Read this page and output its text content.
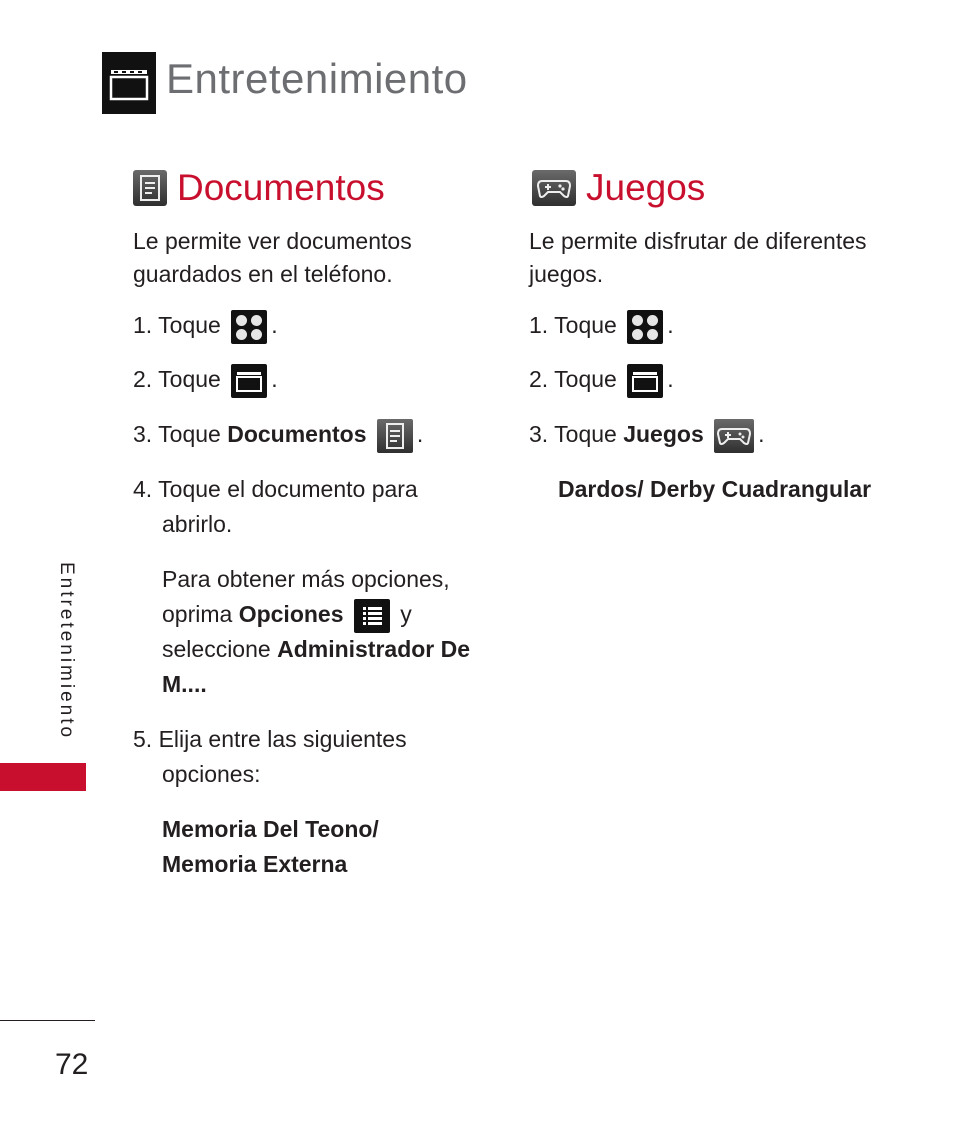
Entretenimiento
Documentos
Le permite ver documentos
guardados en el teléfono.
1. Toque .
2. Toque .
3. Toque Documentos .
4. Toque el documento para
abrirlo.
Para obtener más opciones,
oprima Opciones y
seleccione Administrador De
M....
5. Elija entre las siguientes
opciones:
Memoria Del Teono/
Memoria Externa
Juegos
Le permite disfrutar de diferentes
juegos.
1. Toque .
2. Toque .
3. Toque Juegos .
Dardos/ Derby Cuadrangular
Entretenimiento
72
